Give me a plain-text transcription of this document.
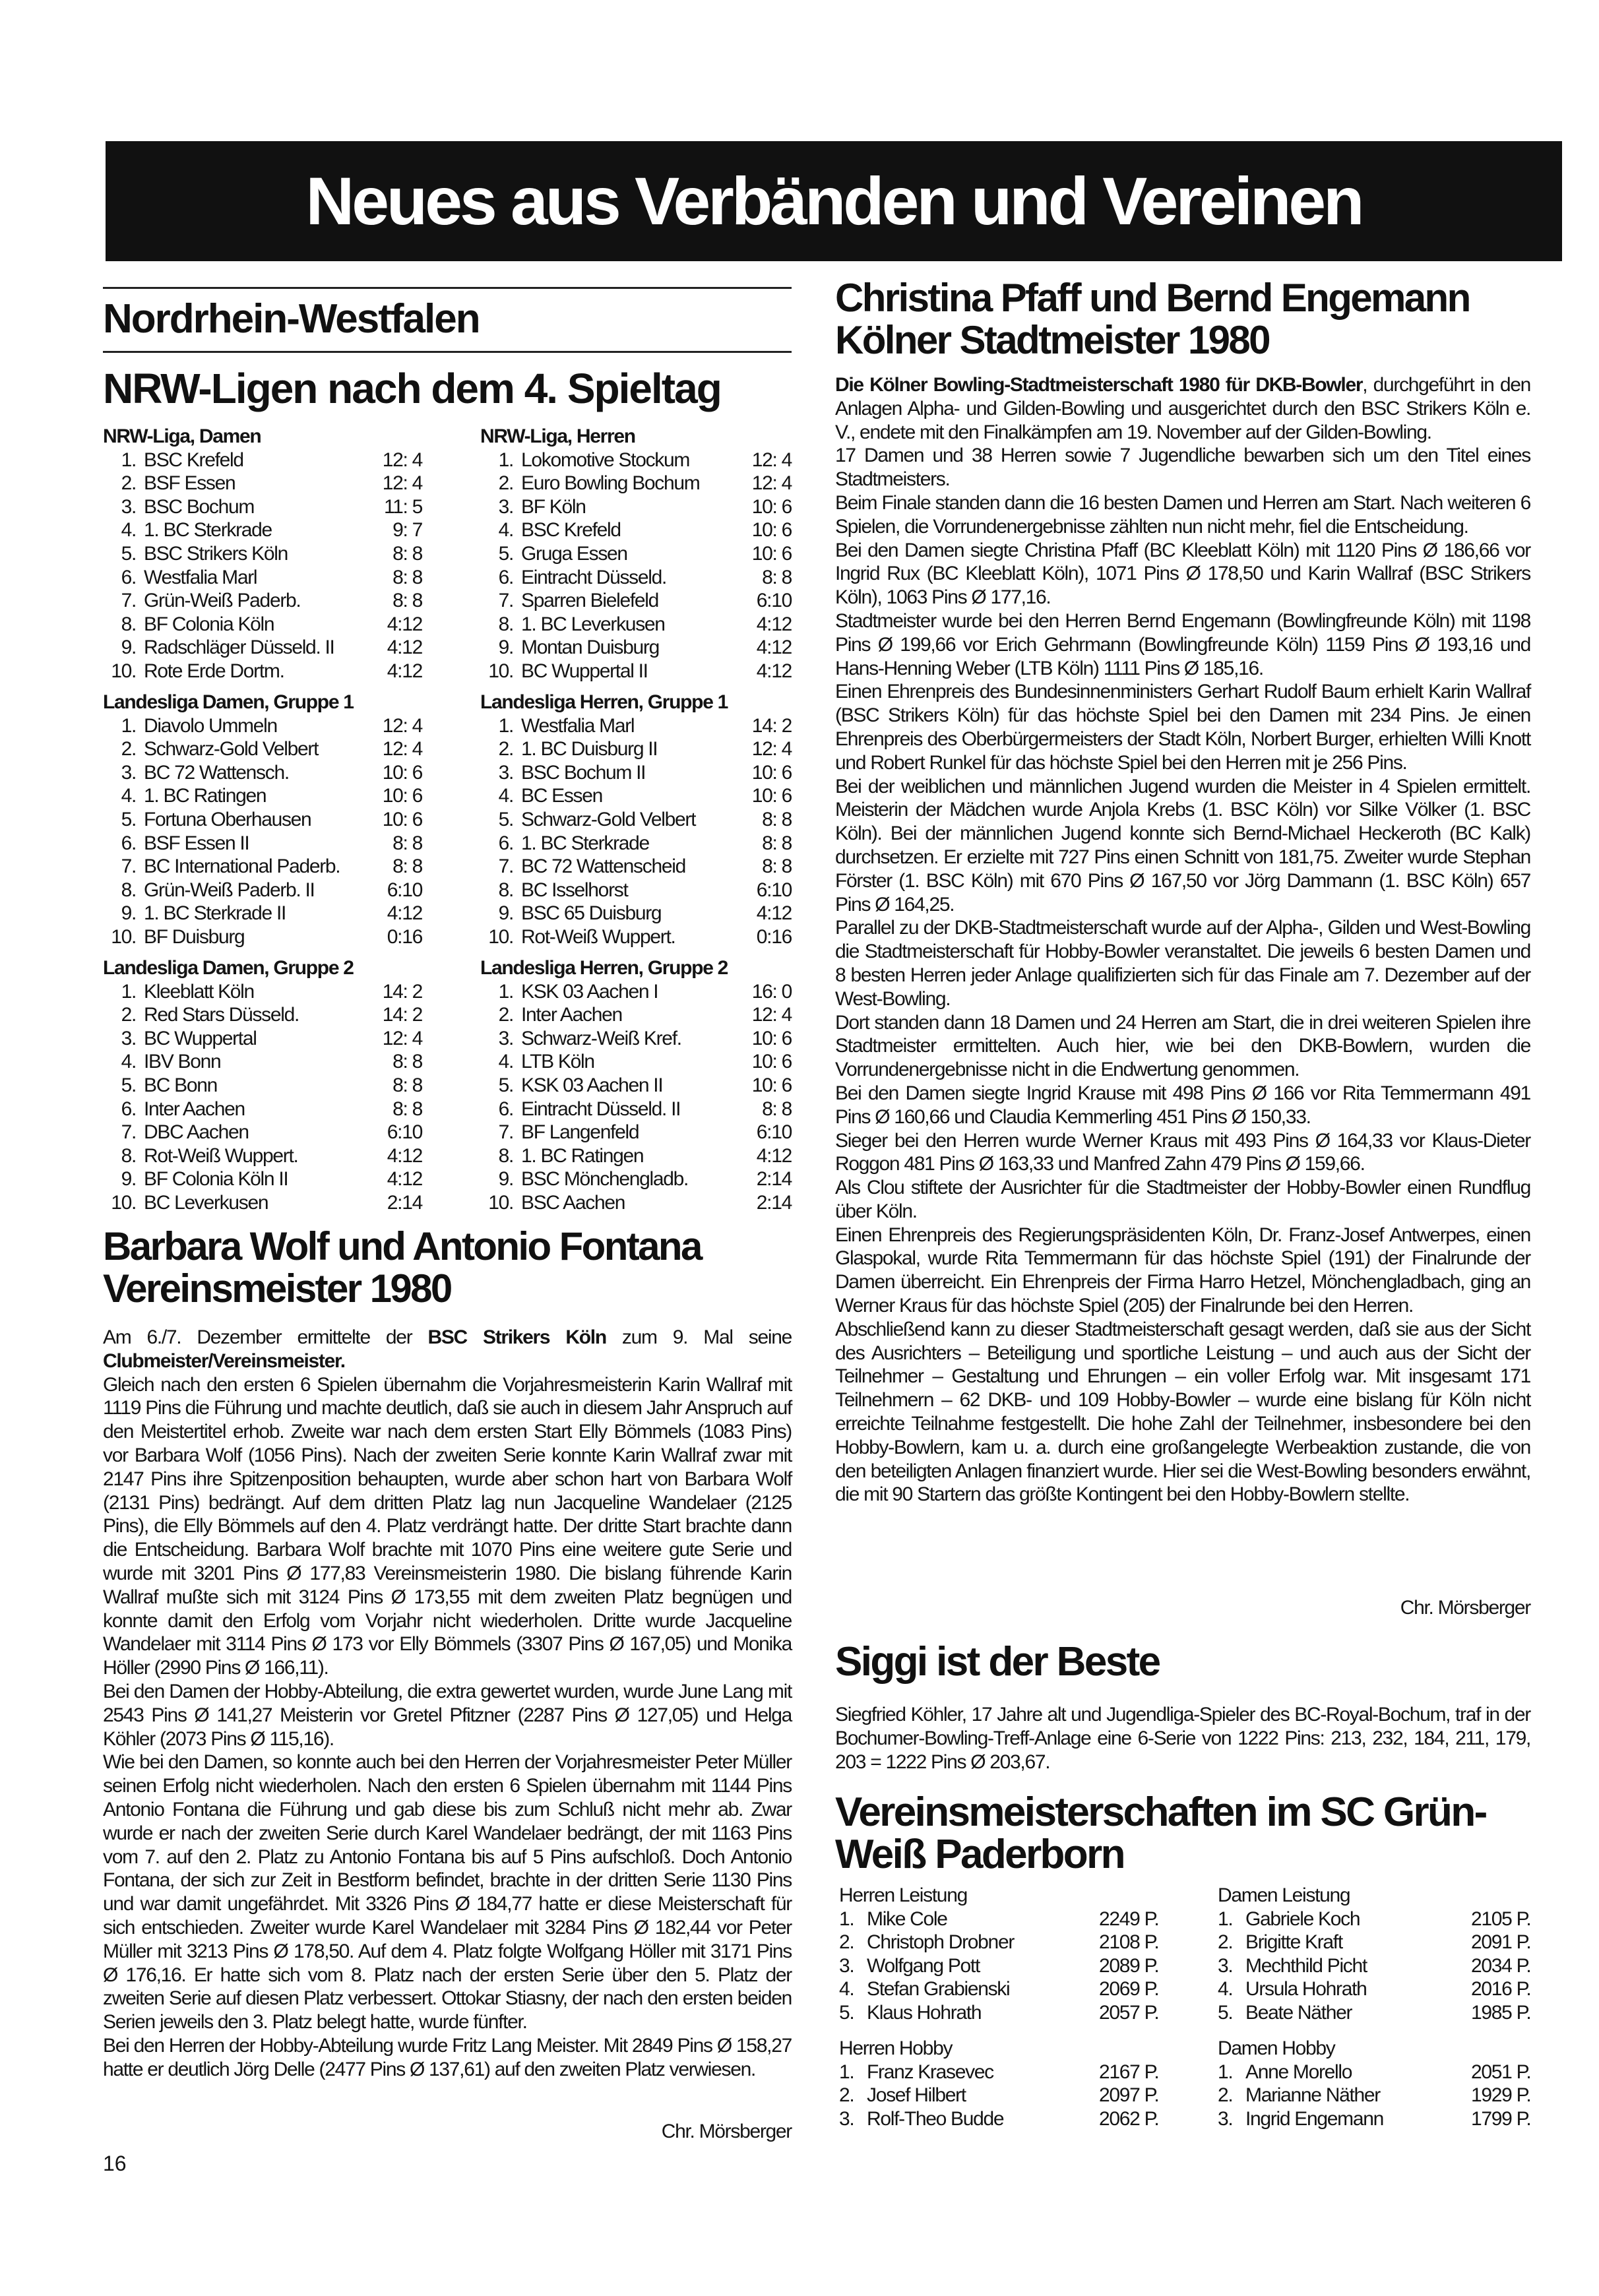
Neues aus Verbänden und Vereinen
Nordrhein-Westfalen
NRW-Ligen nach dem 4. Spieltag
NRW-Liga, Damen
1. BSC Krefeld	12: 4
2. BSF Essen	12: 4
3. BSC Bochum	11: 5
4. 1. BC Sterkrade	9: 7
5. BSC Strikers Köln	8: 8
6. Westfalia Marl	8: 8
7. Grün-Weiß Paderb.	8: 8
8. BF Colonia Köln	4:12
9. Radschläger Düsseld. II	4:12
10. Rote Erde Dortm.	4:12
NRW-Liga, Herren
1. Lokomotive Stockum	12: 4
2. Euro Bowling Bochum	12: 4
3. BF Köln	10: 6
4. BSC Krefeld	10: 6
5. Gruga Essen	10: 6
6. Eintracht Düsseld.	8: 8
7. Sparren Bielefeld	6:10
8. 1. BC Leverkusen	4:12
9. Montan Duisburg	4:12
10. BC Wuppertal II	4:12
Landesliga Damen, Gruppe 1
1. Diavolo Ummeln	12: 4
2. Schwarz-Gold Velbert	12: 4
3. BC 72 Wattensch.	10: 6
4. 1. BC Ratingen	10: 6
5. Fortuna Oberhausen	10: 6
6. BSF Essen II	8: 8
7. BC International Paderb.	8: 8
8. Grün-Weiß Paderb. II	6:10
9. 1. BC Sterkrade II	4:12
10. BF Duisburg	0:16
Landesliga Herren, Gruppe 1
1. Westfalia Marl	14: 2
2. 1. BC Duisburg II	12: 4
3. BSC Bochum II	10: 6
4. BC Essen	10: 6
5. Schwarz-Gold Velbert	8: 8
6. 1. BC Sterkrade	8: 8
7. BC 72 Wattenscheid	8: 8
8. BC Isselhorst	6:10
9. BSC 65 Duisburg	4:12
10. Rot-Weiß Wuppert.	0:16
Landesliga Damen, Gruppe 2
1. Kleeblatt Köln	14: 2
2. Red Stars Düsseld.	14: 2
3. BC Wuppertal	12: 4
4. IBV Bonn	8: 8
5. BC Bonn	8: 8
6. Inter Aachen	8: 8
7. DBC Aachen	6:10
8. Rot-Weiß Wuppert.	4:12
9. BF Colonia Köln II	4:12
10. BC Leverkusen	2:14
Landesliga Herren, Gruppe 2
1. KSK 03 Aachen I	16: 0
2. Inter Aachen	12: 4
3. Schwarz-Weiß Kref.	10: 6
4. LTB Köln	10: 6
5. KSK 03 Aachen II	10: 6
6. Eintracht Düsseld. II	8: 8
7. BF Langenfeld	6:10
8. 1. BC Ratingen	4:12
9. BSC Mönchengladb.	2:14
10. BSC Aachen	2:14
Barbara Wolf und Antonio Fontana Vereinsmeister 1980

Am 6./7. Dezember ermittelte der BSC Strikers Köln zum 9. Mal seine Clubmeister/Vereinsmeister.

Gleich nach den ersten 6 Spielen übernahm die Vorjahresmeisterin Karin Wallraf mit 1119 Pins die Führung und machte deutlich, daß sie auch in diesem Jahr Anspruch auf den Meistertitel erhob. Zweite war nach dem ersten Start Elly Bömmels (1083 Pins) vor Barbara Wolf (1056 Pins). Nach der zweiten Serie konnte Karin Wallraf zwar mit 2147 Pins ihre Spitzenposition behaupten, wurde aber schon hart von Barbara Wolf (2131 Pins) bedrängt. Auf dem dritten Platz lag nun Jacqueline Wandelaer (2125 Pins), die Elly Bömmels auf den 4. Platz verdrängt hatte. Der dritte Start brachte dann die Entscheidung. Barbara Wolf brachte mit 1070 Pins eine weitere gute Serie und wurde mit 3201 Pins Ø 177,83 Vereinsmeisterin 1980. Die bislang führende Karin Wallraf mußte sich mit 3124 Pins Ø 173,55 mit dem zweiten Platz begnügen und konnte damit den Erfolg vom Vorjahr nicht wiederholen. Dritte wurde Jacqueline Wandelaer mit 3114 Pins Ø 173 vor Elly Bömmels (3307 Pins Ø 167,05) und Monika Höller (2990 Pins Ø 166,11).

Bei den Damen der Hobby-Abteilung, die extra gewertet wurden, wurde June Lang mit 2543 Pins Ø 141,27 Meisterin vor Gretel Pfitzner (2287 Pins Ø 127,05) und Helga Köhler (2073 Pins Ø 115,16).

Wie bei den Damen, so konnte auch bei den Herren der Vorjahresmeister Peter Müller seinen Erfolg nicht wiederholen. Nach den ersten 6 Spielen übernahm mit 1144 Pins Antonio Fontana die Führung und gab diese bis zum Schluß nicht mehr ab. Zwar wurde er nach der zweiten Serie durch Karel Wandelaer bedrängt, der mit 1163 Pins vom 7. auf den 2. Platz zu Antonio Fontana bis auf 5 Pins aufschloß. Doch Antonio Fontana, der sich zur Zeit in Bestform befindet, brachte in der dritten Serie 1130 Pins und war damit ungefährdet. Mit 3326 Pins Ø 184,77 hatte er diese Meisterschaft für sich entschieden. Zweiter wurde Karel Wandelaer mit 3284 Pins Ø 182,44 vor Peter Müller mit 3213 Pins Ø 178,50. Auf dem 4. Platz folgte Wolfgang Höller mit 3171 Pins Ø 176,16. Er hatte sich vom 8. Platz nach der ersten Serie über den 5. Platz der zweiten Serie auf diesen Platz verbessert. Ottokar Stiasny, der nach den ersten beiden Serien jeweils den 3. Platz belegt hatte, wurde fünfter.

Bei den Herren der Hobby-Abteilung wurde Fritz Lang Meister. Mit 2849 Pins Ø 158,27 hatte er deutlich Jörg Delle (2477 Pins Ø 137,61) auf den zweiten Platz verwiesen.

Chr. Mörsberger
16
Christina Pfaff und Bernd Engemann Kölner Stadtmeister 1980

Die Kölner Bowling-Stadtmeisterschaft 1980 für DKB-Bowler, durchgeführt in den Anlagen Alpha- und Gilden-Bowling und ausgerichtet durch den BSC Strikers Köln e. V., endete mit den Finalkämpfen am 19. November auf der Gilden-Bowling.

17 Damen und 38 Herren sowie 7 Jugendliche bewarben sich um den Titel eines Stadtmeisters.

Beim Finale standen dann die 16 besten Damen und Herren am Start. Nach weiteren 6 Spielen, die Vorrundenergebnisse zählten nun nicht mehr, fiel die Entscheidung.

Bei den Damen siegte Christina Pfaff (BC Kleeblatt Köln) mit 1120 Pins Ø 186,66 vor Ingrid Rux (BC Kleeblatt Köln), 1071 Pins Ø 178,50 und Karin Wallraf (BSC Strikers Köln), 1063 Pins Ø 177,16.

Stadtmeister wurde bei den Herren Bernd Engemann (Bowlingfreunde Köln) mit 1198 Pins Ø 199,66 vor Erich Gehrmann (Bowlingfreunde Köln) 1159 Pins Ø 193,16 und Hans-Henning Weber (LTB Köln) 1111 Pins Ø 185,16.

Einen Ehrenpreis des Bundesinnenministers Gerhart Rudolf Baum erhielt Karin Wallraf (BSC Strikers Köln) für das höchste Spiel bei den Damen mit 234 Pins. Je einen Ehrenpreis des Oberbürgermeisters der Stadt Köln, Norbert Burger, erhielten Willi Knott und Robert Runkel für das höchste Spiel bei den Herren mit je 256 Pins.

Bei der weiblichen und männlichen Jugend wurden die Meister in 4 Spielen ermittelt. Meisterin der Mädchen wurde Anjola Krebs (1. BSC Köln) vor Silke Völker (1. BSC Köln). Bei der männlichen Jugend konnte sich Bernd-Michael Heckeroth (BC Kalk) durchsetzen. Er erzielte mit 727 Pins einen Schnitt von 181,75. Zweiter wurde Stephan Förster (1. BSC Köln) mit 670 Pins Ø 167,50 vor Jörg Dammann (1. BSC Köln) 657 Pins Ø 164,25.

Parallel zu der DKB-Stadtmeisterschaft wurde auf der Alpha-, Gilden und West-Bowling die Stadtmeisterschaft für Hobby-Bowler veranstaltet. Die jeweils 6 besten Damen und 8 besten Herren jeder Anlage qualifizierten sich für das Finale am 7. Dezember auf der West-Bowling.

Dort standen dann 18 Damen und 24 Herren am Start, die in drei weiteren Spielen ihre Stadtmeister ermittelten. Auch hier, wie bei den DKB-Bowlern, wurden die Vorrundenergebnisse nicht in die Endwertung genommen.

Bei den Damen siegte Ingrid Krause mit 498 Pins Ø 166 vor Rita Temmermann 491 Pins Ø 160,66 und Claudia Kemmerling 451 Pins Ø 150,33.

Sieger bei den Herren wurde Werner Kraus mit 493 Pins Ø 164,33 vor Klaus-Dieter Roggon 481 Pins Ø 163,33 und Manfred Zahn 479 Pins Ø 159,66.

Als Clou stiftete der Ausrichter für die Stadtmeister der Hobby-Bowler einen Rundflug über Köln.

Einen Ehrenpreis des Regierungspräsidenten Köln, Dr. Franz-Josef Antwerpes, einen Glaspokal, wurde Rita Temmermann für das höchste Spiel (191) der Finalrunde der Damen überreicht. Ein Ehrenpreis der Firma Harro Hetzel, Mönchengladbach, ging an Werner Kraus für das höchste Spiel (205) der Finalrunde bei den Herren.

Abschließend kann zu dieser Stadtmeisterschaft gesagt werden, daß sie aus der Sicht des Ausrichters – Beteiligung und sportliche Leistung – und auch aus der Sicht der Teilnehmer – Gestaltung und Ehrungen – ein voller Erfolg war. Mit insgesamt 171 Teilnehmern – 62 DKB- und 109 Hobby-Bowler – wurde eine bislang für Köln nicht erreichte Teilnahme festgestellt. Die hohe Zahl der Teilnehmer, insbesondere bei den Hobby-Bowlern, kam u. a. durch eine großangelegte Werbeaktion zustande, die von den beteiligten Anlagen finanziert wurde. Hier sei die West-Bowling besonders erwähnt, die mit 90 Startern das größte Kontingent bei den Hobby-Bowlern stellte.

Chr. Mörsberger
Siggi ist der Beste

Siegfried Köhler, 17 Jahre alt und Jugendliga-Spieler des BC-Royal-Bochum, traf in der Bochumer-Bowling-Treff-Anlage eine 6-Serie von 1222 Pins: 213, 232, 184, 211, 179, 203 = 1222 Pins Ø 203,67.

Vereinsmeisterschaften im SC Grün-Weiß Paderborn
Herren Leistung
1. Mike Cole	2249 P.
2. Christoph Drobner	2108 P.
3. Wolfgang Pott	2089 P.
4. Stefan Grabienski	2069 P.
5. Klaus Hohrath	2057 P.
Damen Leistung
1. Gabriele Koch	2105 P.
2. Brigitte Kraft	2091 P.
3. Mechthild Picht	2034 P.
4. Ursula Hohrath	2016 P.
5. Beate Näther	1985 P.
Herren Hobby
1. Franz Krasevec	2167 P.
2. Josef Hilbert	2097 P.
3. Rolf-Theo Budde	2062 P.
Damen Hobby
1. Anne Morello	2051 P.
2. Marianne Näther	1929 P.
3. Ingrid Engemann	1799 P.
